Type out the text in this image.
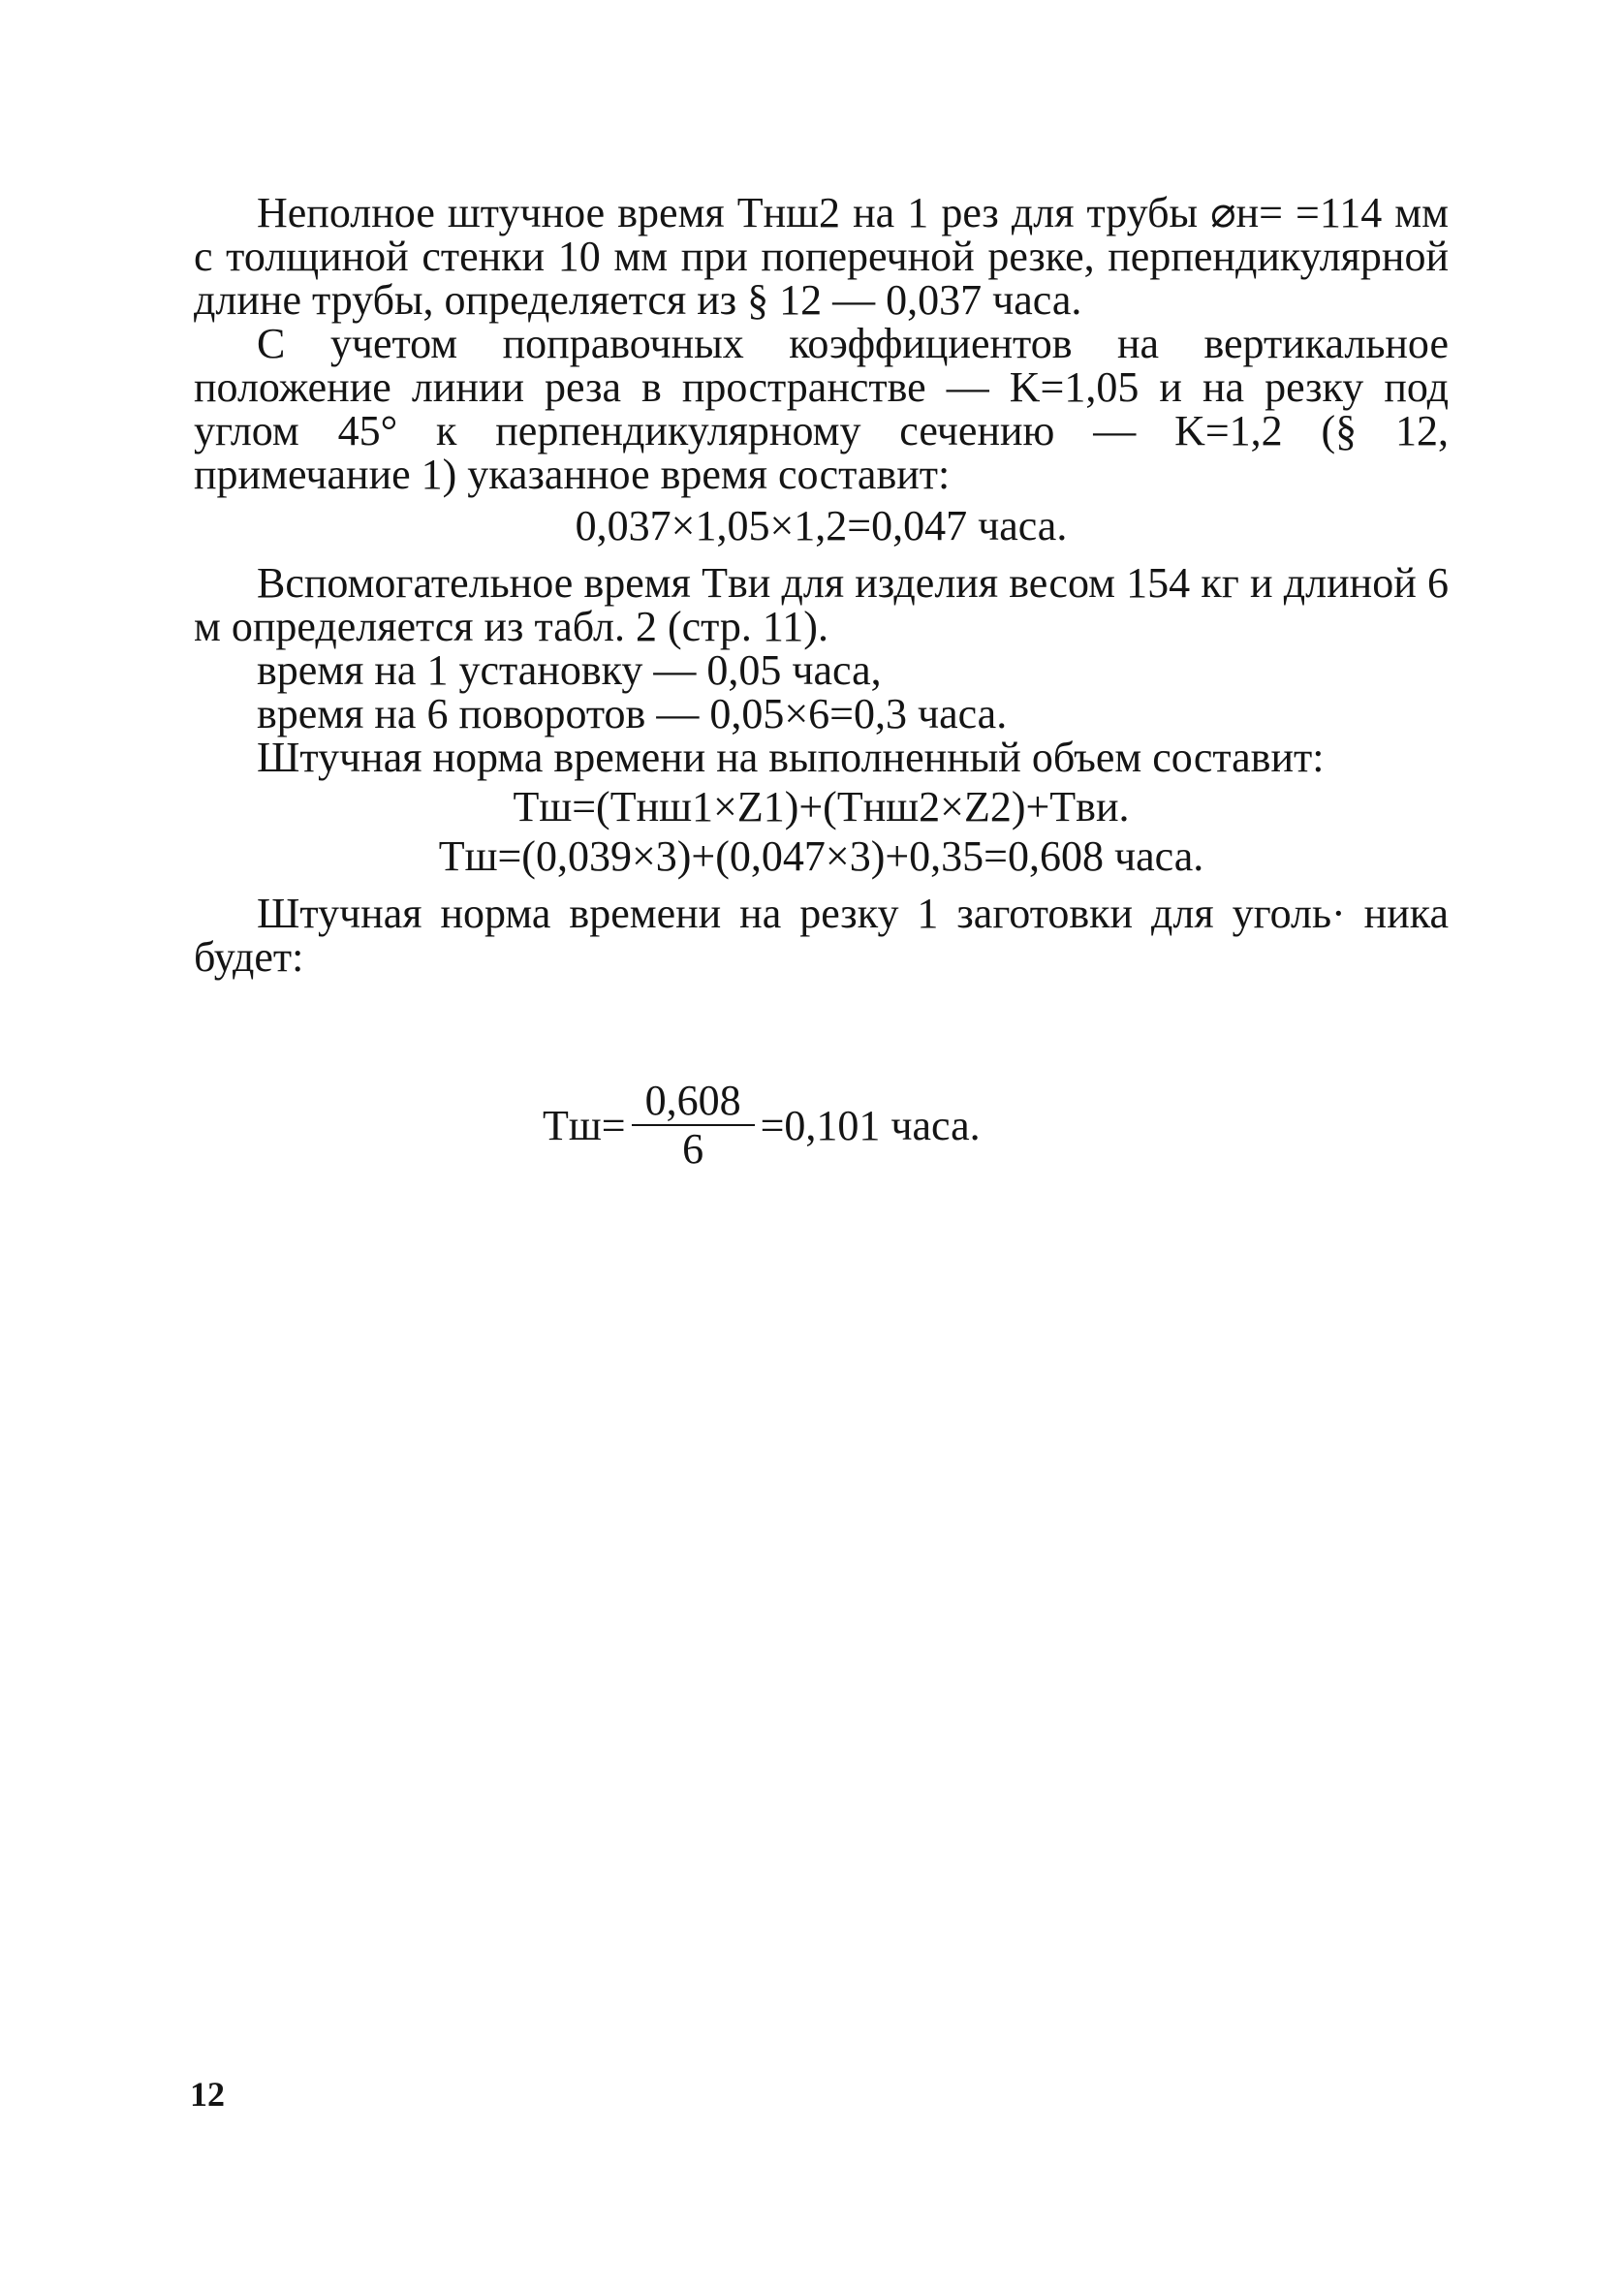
Неполное штучное время Tнш2 на 1 рез для трубы ⌀н= =114 мм с толщиной стенки 10 мм при поперечной резке, перпендикулярной длине трубы, определяется из § 12 — 0,037 часа.

С учетом поправочных коэффициентов на вертикальное положение линии реза в пространстве — K=1,05 и на резку под углом 45° к перпендикулярному сечению — K=1,2 (§ 12, примечание 1) указанное время составит:

0,037×1,05×1,2=0,047 часа.

Вспомогательное время Tви для изделия весом 154 кг и длиной 6 м определяется из табл. 2 (стр. 11).

время на 1 установку — 0,05 часа,

время на 6 поворотов — 0,05×6=0,3 часа.

Штучная норма времени на выполненный объем составит:

Tш=(Tнш1×Z1)+(Tнш2×Z2)+Tви.

Tш=(0,039×3)+(0,047×3)+0,35=0,608 часа.

Штучная норма времени на резку 1 заготовки для уголь· ника будет:

$Tш= \frac{0,608}{6} =0,101$ часа.
12
